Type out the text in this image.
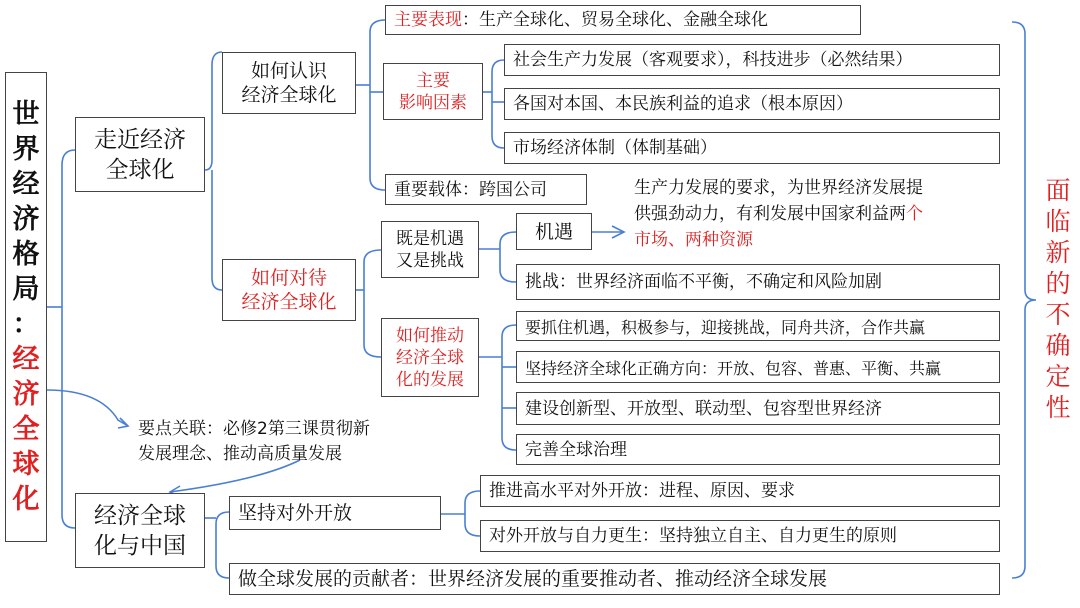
世
界
经
济
格
局
：
经
济
全
球
化
走近经济
全球化
经济全球
化与中国
如何认识
经济全球化
如何对待
经济全球化
坚持对外开放
做全球发展的贡献者：世界经济发展的重要推动者、推动经济全球发展
主要表现 ：生产全球化、贸易全球化、金融全球化
主要
影响因素
重要载体：跨国公司
社会生产力发展（客观要求），科技进步（必然结果）
各国对本国、本民族利益的追求（根本原因）
市场经济体制（体制基础）
既是机遇
又是挑战
如何推动
经济全球
化的发展
机遇
生产力发展的要求，为世界经济发展提
供强劲动力，有利发展中国家利益两个
市场、两种资源
挑战：世界经济面临不平衡，不确定和风险加剧
要抓住机遇，积极参与，迎接挑战，同舟共济，合作共赢
坚持经济全球化正确方向：开放、包容、普惠、平衡、共赢
建设创新型、开放型、联动型、包容型世界经济
完善全球治理
推进高水平对外开放：进程、原因、要求
对外开放与自力更生：坚持独立自主、自力更生的原则
要点关联：必修2第三课贯彻新
发展理念、推动高质量发展
面
临
新
的
不
确
定
性
